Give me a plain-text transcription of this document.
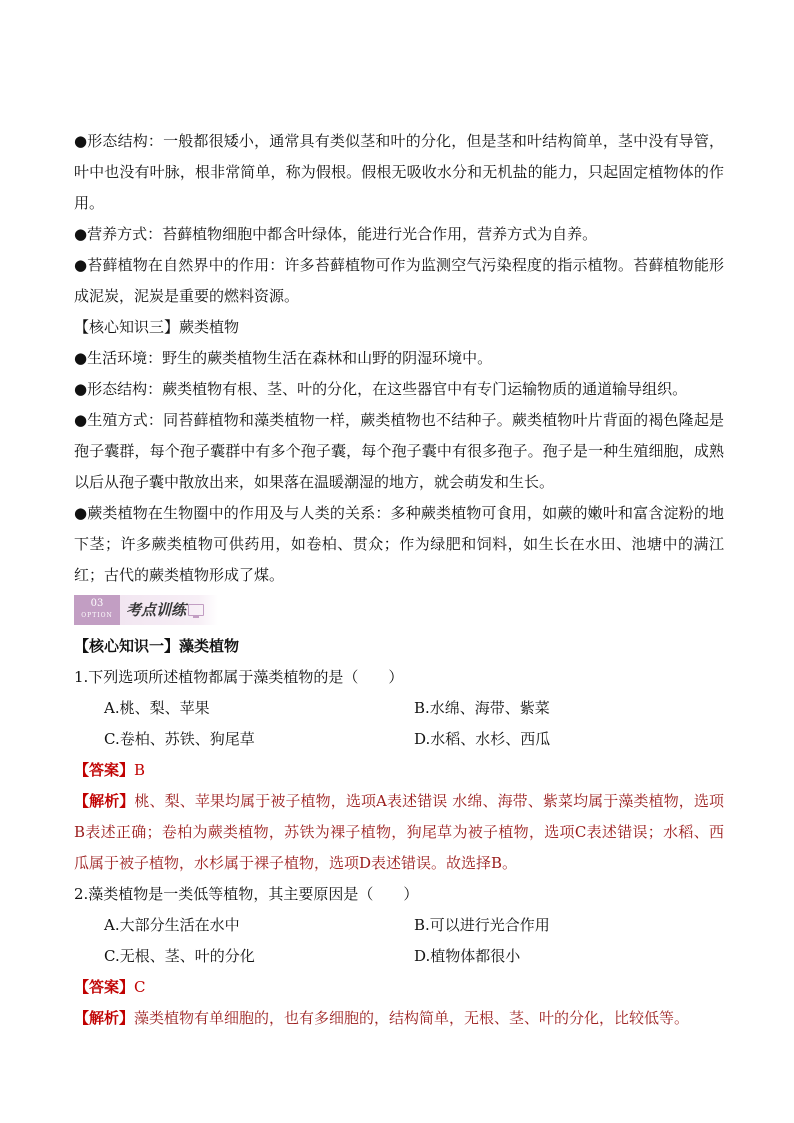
●形态结构：一般都很矮小，通常具有类似茎和叶的分化，但是茎和叶结构简单，茎中没有导管，叶中也没有叶脉，根非常简单，称为假根。假根无吸收水分和无机盐的能力，只起固定植物体的作用。

●营养方式：苔藓植物细胞中都含叶绿体，能进行光合作用，营养方式为自养。

●苔藓植物在自然界中的作用：许多苔藓植物可作为监测空气污染程度的指示植物。苔藓植物能形成泥炭，泥炭是重要的燃料资源。

【核心知识三】蕨类植物

●生活环境：野生的蕨类植物生活在森林和山野的阴湿环境中。

●形态结构：蕨类植物有根、茎、叶的分化，在这些器官中有专门运输物质的通道输导组织。

●生殖方式：同苔藓植物和藻类植物一样，蕨类植物也不结种子。蕨类植物叶片背面的褐色隆起是孢子囊群，每个孢子囊群中有多个孢子囊，每个孢子囊中有很多孢子。孢子是一种生殖细胞，成熟以后从孢子囊中散放出来，如果落在温暖潮湿的地方，就会萌发和生长。

●蕨类植物在生物圈中的作用及与人类的关系：多种蕨类植物可食用，如蕨的嫩叶和富含淀粉的地下茎；许多蕨类植物可供药用，如卷柏、贯众；作为绿肥和饲料，如生长在水田、池塘中的满江红；古代的蕨类植物形成了煤。

03
OPTION 考点训练

【核心知识一】藻类植物

1.下列选项所述植物都属于藻类植物的是（　　）

A.桃、梨、苹果	B.水绵、海带、紫菜
C.卷柏、苏铁、狗尾草	D.水稻、水杉、西瓜

【答案】B

【解析】桃、梨、苹果均属于被子植物，选项A表述错误 水绵、海带、紫菜均属于藻类植物，选项B表述正确；卷柏为蕨类植物，苏铁为裸子植物，狗尾草为被子植物，选项C表述错误；水稻、西瓜属于被子植物，水杉属于裸子植物，选项D表述错误。故选择B。

2.藻类植物是一类低等植物，其主要原因是（　　）

A.大部分生活在水中	B.可以进行光合作用
C.无根、茎、叶的分化	D.植物体都很小

【答案】C

【解析】藻类植物有单细胞的，也有多细胞的，结构简单，无根、茎、叶的分化，比较低等。
